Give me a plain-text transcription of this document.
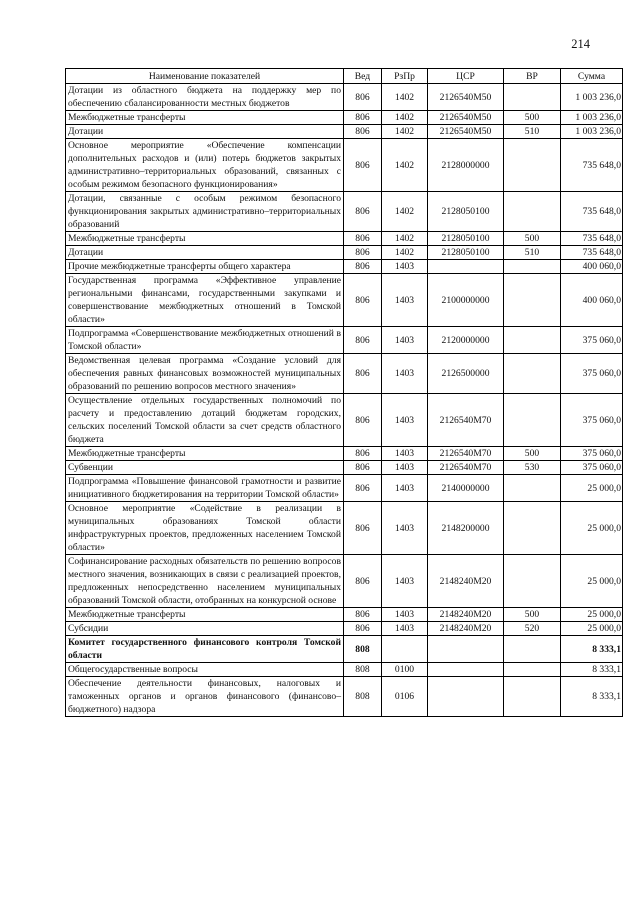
214
Наименование показателей	Вед	РзПр	ЦСР	ВР	Сумма
Дотации из областного бюджета на поддержку мер по обеспечению сбалансированности местных бюджетов	806	1402	2126540M50		1 003 236,0
Межбюджетные трансферты	806	1402	2126540M50	500	1 003 236,0
Дотации	806	1402	2126540M50	510	1 003 236,0
Основное мероприятие «Обеспечение компенсации дополнительных расходов и (или) потерь бюджетов закрытых административно–территориальных образований, связанных с особым режимом безопасного функционирования»	806	1402	2128000000		735 648,0
Дотации, связанные с особым режимом безопасного функционирования закрытых административно–территориальных образований	806	1402	2128050100		735 648,0
Межбюджетные трансферты	806	1402	2128050100	500	735 648,0
Дотации	806	1402	2128050100	510	735 648,0
Прочие межбюджетные трансферты общего характера	806	1403			400 060,0
Государственная программа «Эффективное управление региональными финансами, государственными закупками и совершенствование межбюджетных отношений в Томской области»	806	1403	2100000000		400 060,0
Подпрограмма «Совершенствование межбюджетных отношений в Томской области»	806	1403	2120000000		375 060,0
Ведомственная целевая программа «Создание условий для обеспечения равных финансовых возможностей муниципальных образований по решению вопросов местного значения»	806	1403	2126500000		375 060,0
Осуществление отдельных государственных полномочий по расчету и предоставлению дотаций бюджетам городских, сельских поселений Томской области за счет средств областного бюджета	806	1403	2126540M70		375 060,0
Межбюджетные трансферты	806	1403	2126540M70	500	375 060,0
Субвенции	806	1403	2126540M70	530	375 060,0
Подпрограмма «Повышение финансовой грамотности и развитие инициативного бюджетирования на территории Томской области»	806	1403	2140000000		25 000,0
Основное мероприятие «Содействие в реализации в муниципальных образованиях Томской области инфраструктурных проектов, предложенных населением Томской области»	806	1403	2148200000		25 000,0
Софинансирование расходных обязательств по решению вопросов местного значения, возникающих в связи с реализацией проектов, предложенных непосредственно населением муниципальных образований Томской области, отобранных на конкурсной основе	806	1403	2148240M20		25 000,0
Межбюджетные трансферты	806	1403	2148240M20	500	25 000,0
Субсидии	806	1403	2148240M20	520	25 000,0
Комитет государственного финансового контроля Томской области	808				8 333,1
Общегосударственные вопросы	808	0100			8 333,1
Обеспечение деятельности финансовых, налоговых и таможенных органов и органов финансового (финансово–бюджетного) надзора	808	0106			8 333,1
